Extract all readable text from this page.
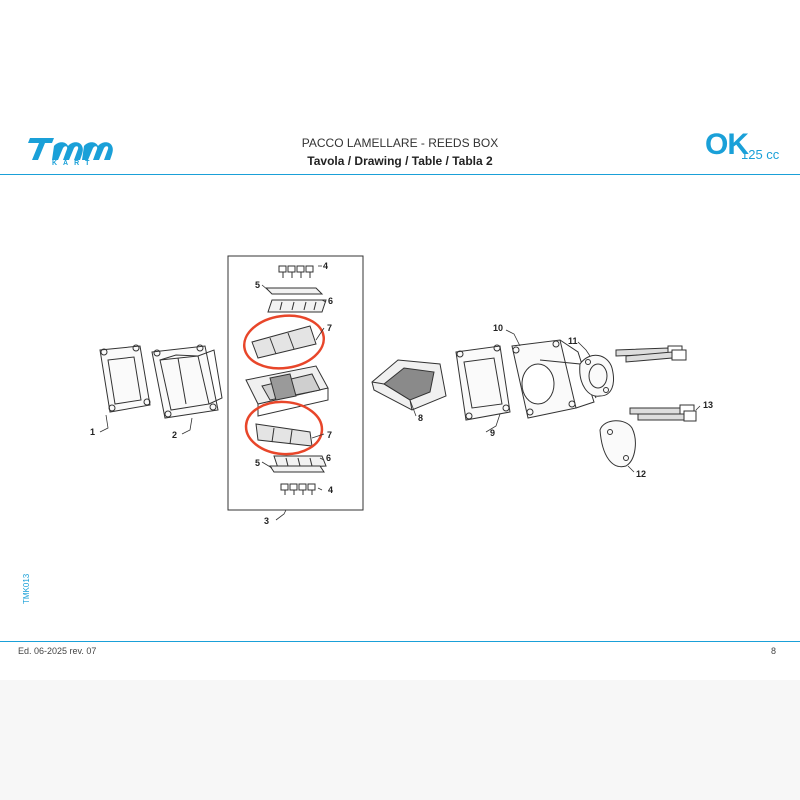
KART
PACCO LAMELLARE - REEDS BOX
Tavola / Drawing / Table / Tabla 2	OK
125 cc
1	2
3
4
5
6
7
7
6
5
4
8
9
10
11
12
13
TMK013
Ed. 06-2025 rev. 07	8
